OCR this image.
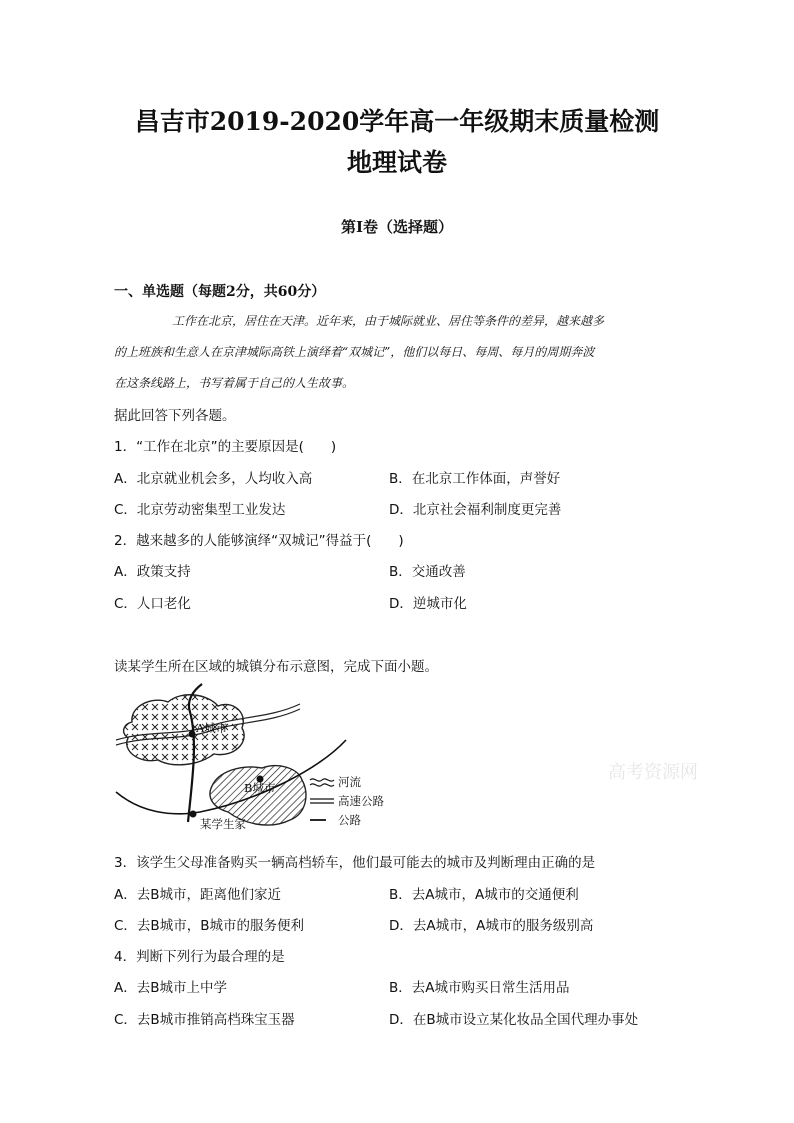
昌吉市2019-2020学年高一年级期末质量检测
地理试卷
第Ⅰ卷（选择题）
一、单选题（每题2分，共60分）
工作在北京，居住在天津。近年来，由于城际就业、居住等条件的差异，越来越多
的上班族和生意人在京津城际高铁上演绎着“双城记”，他们以每日、每周、每月的周期奔波
在这条线路上，书写着属于自己的人生故事。
据此回答下列各题。
1．“工作在北京”的主要原因是(　　)
A．北京就业机会多，人均收入高	B．在北京工作体面，声誉好
C．北京劳动密集型工业发达	D．北京社会福利制度更完善
2．越来越多的人能够演绎“双城记”得益于(　　)
A．政策支持	B．交通改善
C．人口老化	D．逆城市化
读某学生所在区域的城镇分布示意图，完成下面小题。
A城市
B城市
某学生家
河流
高速公路
公路
高考资源网
3．该学生父母准备购买一辆高档轿车，他们最可能去的城市及判断理由正确的是
A．去B城市，距离他们家近	B．去A城市，A城市的交通便利
C．去B城市，B城市的服务便利	D．去A城市，A城市的服务级别高
4．判断下列行为最合理的是
A．去B城市上中学	B．去A城市购买日常生活用品
C．去B城市推销高档珠宝玉器	D．在B城市设立某化妆品全国代理办事处
